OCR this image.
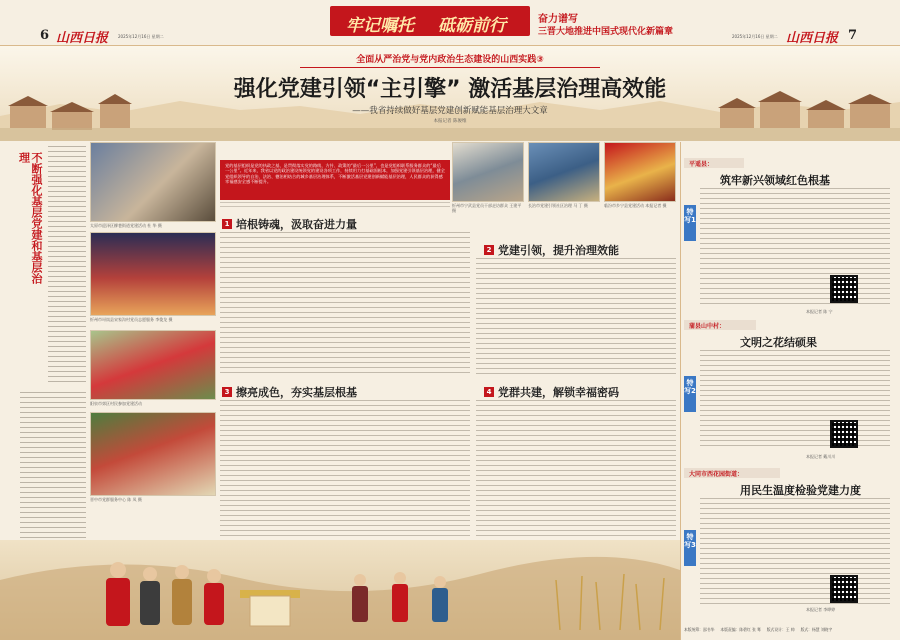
6 山西日报 2025年12月16日 星期二
牢记嘱托 砥砺前行	奋力谱写
三晋大地推进中国式现代化新篇章	2025年12月16日 星期二 山西日报 7
全面从严治党与党内政治生态建设的山西实践③
强化党建引领“主引擎” 激活基层治理高效能
——我省持续做好基层党建创新赋能基层治理大文章
本报记者 陈俊维
不断强化基层党建和基层治理
太原市迎泽区柳巷街道党建活动 杜 华 摄
忻州市岢岚县宋家沟村党员志愿服务 李俊龙 摄
阳泉市郊区村民参加党建活动
晋中市党群服务中心 陈 凤 摄
党的基层组织是党的执政之基，是贯彻落实党的路线、方针、政策的“最后一公里”，也是党组织联系服务群众的“最后一公里”。近年来，我省以党的政治建设统领党的建设各项工作，持续用力打基础固根本，加强党建引领基层治理，健全党组织领导的自治、法治、德治相结合的城乡基层治理体系，不断激活基层党建创新赋能基层治理，人民群众的获得感幸福感安全感不断提升。
1 培根铸魂，汲取奋进力量
3 擦亮成色，夯实基层根基
忻州市宁武县党员干部走访群众 王建平 摄
长治市党建引领社区治理 马 丁 摄	临汾市乡宁县党建活动 本报记者 摄
2 党建引领，提升治理效能
4 党群共建，解锁幸福密码
平遥县：
筑牢新兴领域红色根基
特写1
本报记者 陈 宁
蒲县山中村：
文明之花结硕果
特写2
本报记者 戴川川
大同市西花园街道：
用民生温度检验党建力度
特写3
本报记者 李晔婷
本版统筹：邵书华 本版责编：陈碧红 张 骞 版式设计：王 帅 版式：杨慧 刘晓宇
